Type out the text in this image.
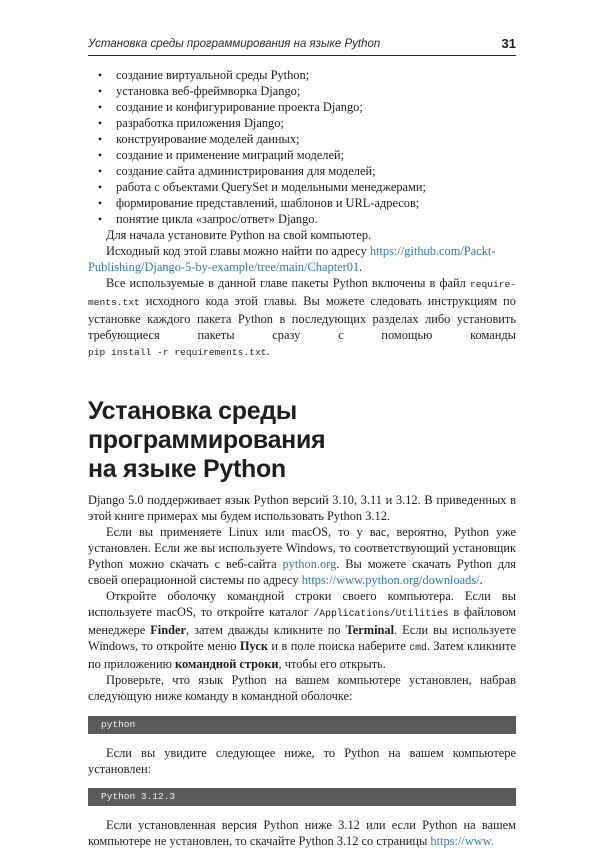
Установка среды программирования на языке Python	31
• создание виртуальной среды Python;
• установка веб-фреймворка Django;
• создание и конфигурирование проекта Django;
• разработка приложения Django;
• конструирование моделей данных;
• создание и применение миграций моделей;
• создание сайта администрирования для моделей;
• работа с объектами QuerySet и модельными менеджерами;
• формирование представлений, шаблонов и URL-адресов;
• понятие цикла «запрос/ответ» Django.

Для начала установите Python на свой компьютер.

Исходный код этой главы можно найти по адресу https://github.com/Packt-
Publishing/Django-5-by-example/tree/main/Chapter01.

Все используемые в данной главе пакеты Python включены в файл require- ments.txt исходного кода этой главы. Вы можете следовать инструкциям по установке каждого пакета Python в последующих разделах либо установить требующиеся пакеты сразу с помощью команды pip install -r requirements.txt.

Установка среды программирования
на языке Python

Django 5.0 поддерживает язык Python версий 3.10, 3.11 и 3.12. В приведенных в этой книге примерах мы будем использовать Python 3.12.

Если вы применяете Linux или macOS, то у вас, вероятно, Python уже установлен. Если же вы используете Windows, то соответствующий установщик Python можно скачать с веб-сайта python.org. Вы можете скачать Python для своей операционной системы по адресу https://www.python.org/downloads/.

Откройте оболочку командной строки своего компьютера. Если вы используете macOS, то откройте каталог /Applications/Utilities в файловом менеджере Finder, затем дважды кликните по Terminal. Если вы используете Windows, то откройте меню Пуск и в поле поиска наберите cmd. Затем кликните по приложению командной строки, чтобы его открыть.

Проверьте, что язык Python на вашем компьютере установлен, набрав следующую ниже команду в командной оболочке:

python

Если вы увидите следующее ниже, то Python на вашем компьютере установлен:

Python 3.12.3

Если установленная версия Python ниже 3.12 или если Python на вашем компьютере не установлен, то скачайте Python 3.12 со страницы https://www.
